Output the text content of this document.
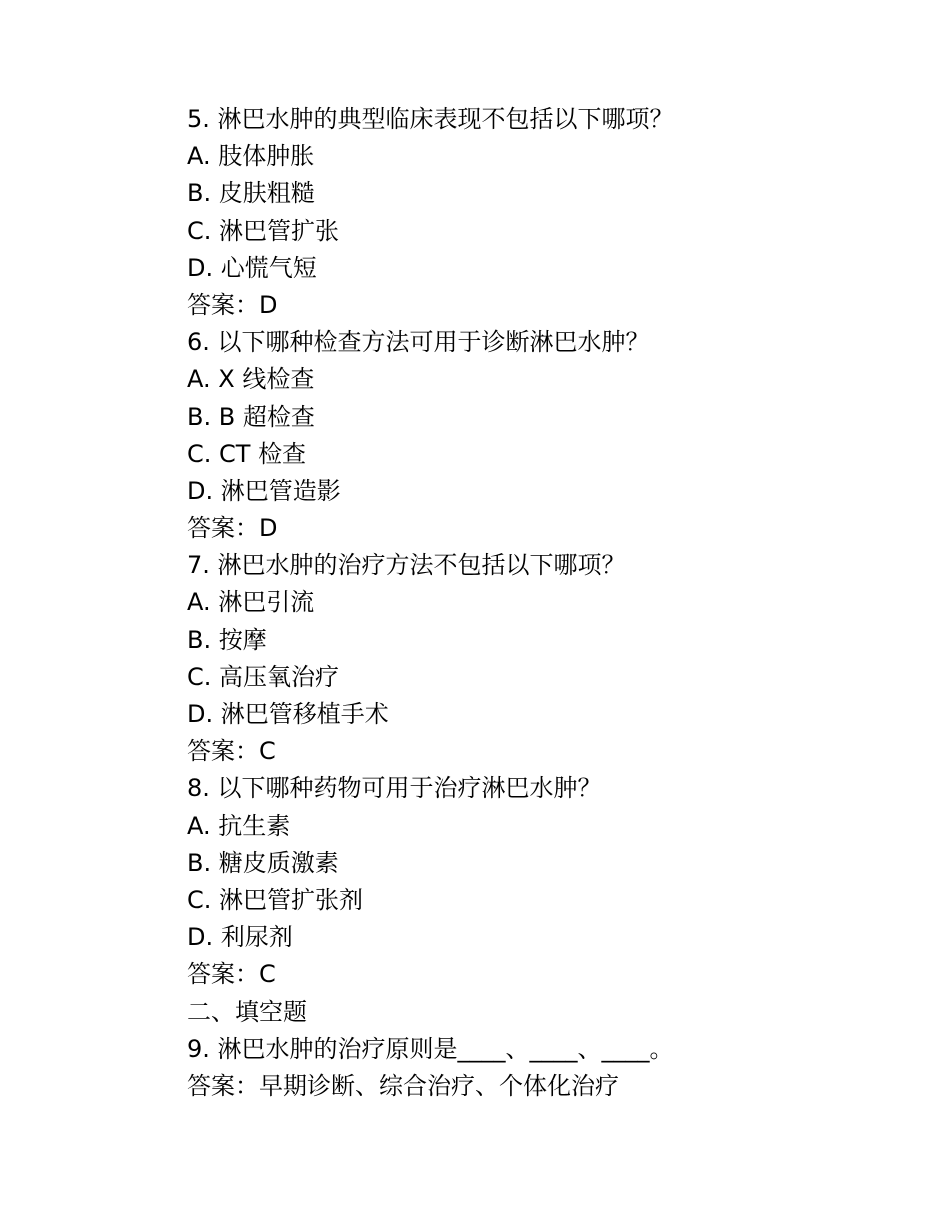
5. 淋巴水肿的典型临床表现不包括以下哪项？
A. 肢体肿胀
B. 皮肤粗糙
C. 淋巴管扩张
D. 心慌气短
答案：D
6. 以下哪种检查方法可用于诊断淋巴水肿？
A. X 线检查
B. B 超检查
C. CT 检查
D. 淋巴管造影
答案：D
7. 淋巴水肿的治疗方法不包括以下哪项？
A. 淋巴引流
B. 按摩
C. 高压氧治疗
D. 淋巴管移植手术
答案：C
8. 以下哪种药物可用于治疗淋巴水肿？
A. 抗生素
B. 糖皮质激素
C. 淋巴管扩张剂
D. 利尿剂
答案：C
二、填空题
9. 淋巴水肿的治疗原则是____、____、____。
答案：早期诊断、综合治疗、个体化治疗
